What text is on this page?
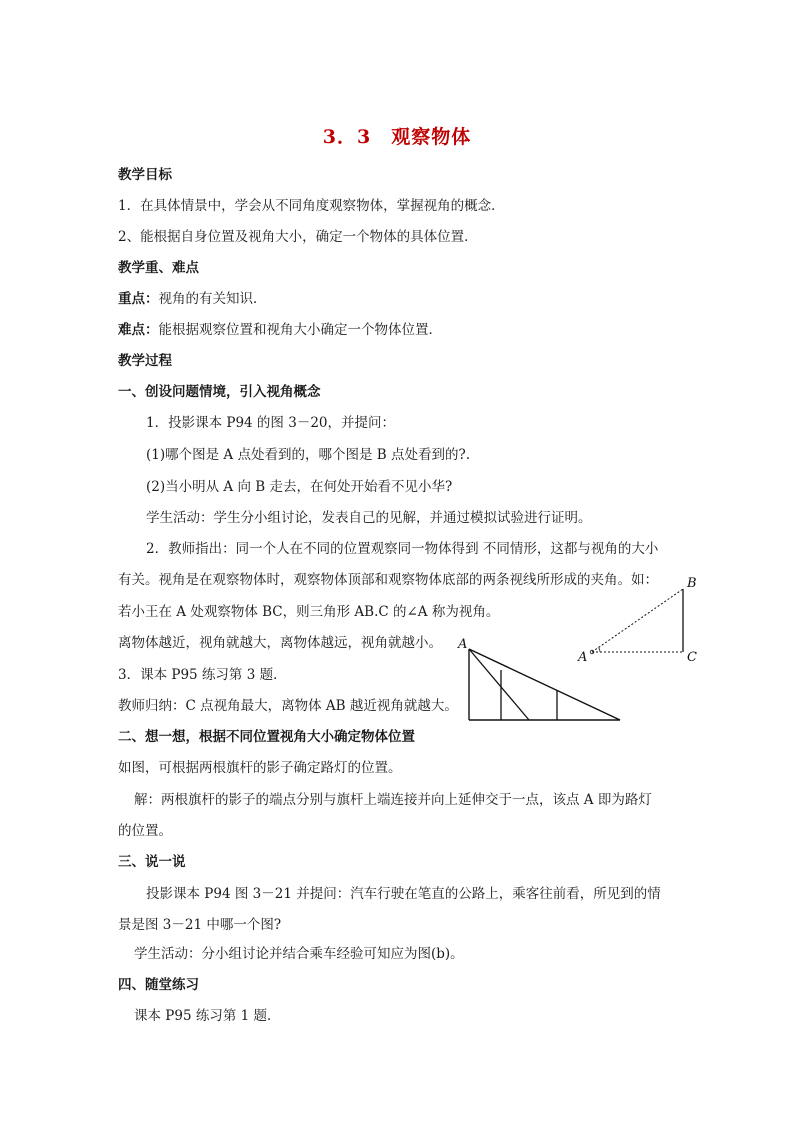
3．3　观察物体
教学目标
1．在具体情景中，学会从不同角度观察物体，掌握视角的概念．
2、能根据自身位置及视角大小，确定一个物体的具体位置．
教学重、难点
重点：视角的有关知识．
难点：能根据观察位置和视角大小确定一个物体位置．
教学过程
一、创设问题情境，引入视角概念
1．投影课本 P94 的图 3－20，并提问：
(1)哪个图是 A 点处看到的，哪个图是 B 点处看到的?.
(2)当小明从 A 向 B 走去，在何处开始看不见小华?
学生活动：学生分小组讨论，发表自己的见解，并通过模拟试验进行证明。
2．教师指出：同一个人在不同的位置观察同一物体得到 不同情形，这都与视角的大小
有关。视角是在观察物体时，观察物体顶部和观察物体底部的两条视线所形成的夹角。如：
若小王在 A 处观察物体 BC，则三角形 AB.C 的∠A 称为视角。
离物体越近，视角就越大，离物体越远，视角就越小。
3．课本 P95 练习第 3 题．
教师归纳：C 点视角最大，离物体 AB 越近视角就越大。
二、想一想，根据不同位置视角大小确定物体位置
如图，可根据两根旗杆的影子确定路灯的位置。
解：两根旗杆的影子的端点分别与旗杆上端连接并向上延伸交于一点，该点 A 即为路灯
的位置。
三、说一说
投影课本 P94 图 3－21 并提问：汽车行驶在笔直的公路上，乘客往前看，所见到的情
景是图 3－21 中哪一个图?
学生活动：分小组讨论并结合乘车经验可知应为图(b)。
四、随堂练习
课本 P95 练习第 1 题．
B
C
A
A
